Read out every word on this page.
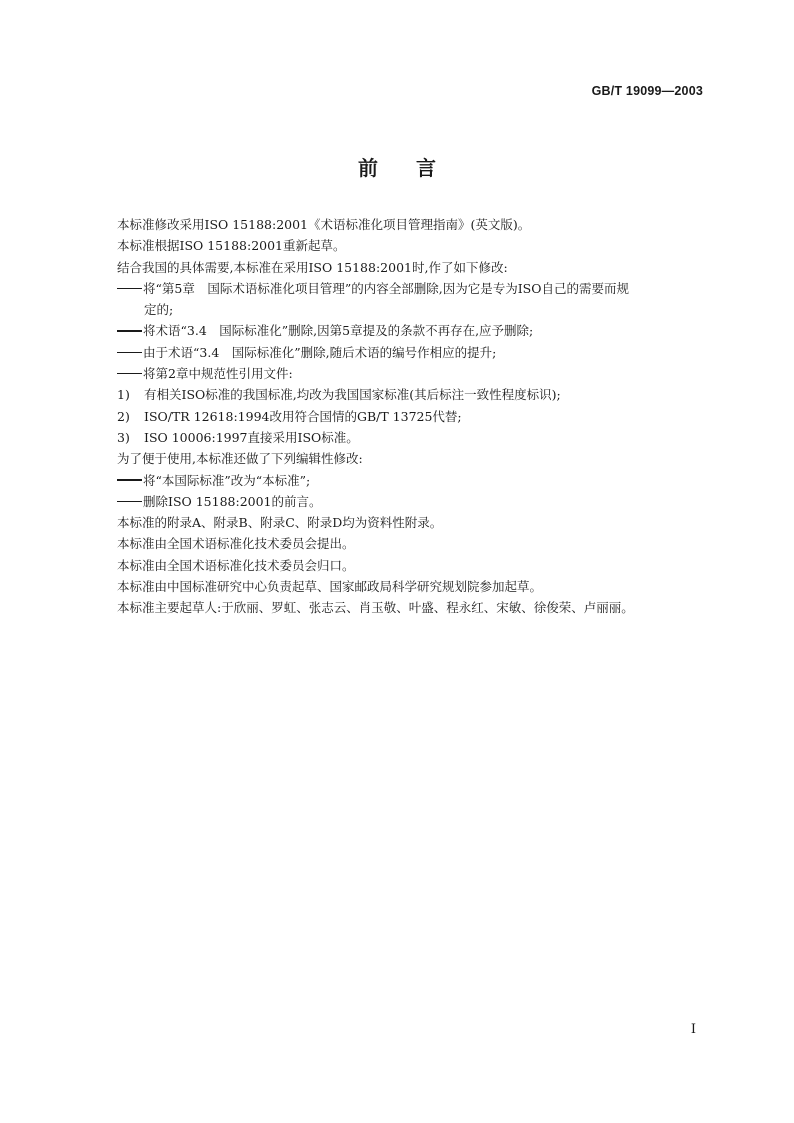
GB/T 19099—2003
前言
本标准修改采用ISO 15188:2001《术语标准化项目管理指南》(英文版)。
本标准根据ISO 15188:2001重新起草。
结合我国的具体需要,本标准在采用ISO 15188:2001时,作了如下修改:
将“第5章　国际术语标准化项目管理”的内容全部删除,因为它是专为ISO自己的需要而规
定的;
将术语“3.4　国际标准化”删除,因第5章提及的条款不再存在,应予删除;
由于术语“3.4　国际标准化”删除,随后术语的编号作相应的提升;
将第2章中规范性引用文件:
1) 有相关ISO标准的我国标准,均改为我国国家标准(其后标注一致性程度标识);
2) ISO/TR 12618:1994改用符合国情的GB/T 13725代替;
3) ISO 10006:1997直接采用ISO标准。
为了便于使用,本标准还做了下列编辑性修改:
将“本国际标准”改为“本标准”;
删除ISO 15188:2001的前言。
本标准的附录A、附录B、附录C、附录D均为资料性附录。
本标准由全国术语标准化技术委员会提出。
本标准由全国术语标准化技术委员会归口。
本标准由中国标准研究中心负责起草、国家邮政局科学研究规划院参加起草。
本标准主要起草人:于欣丽、罗虹、张志云、肖玉敬、叶盛、程永红、宋敏、徐俊荣、卢丽丽。
I
